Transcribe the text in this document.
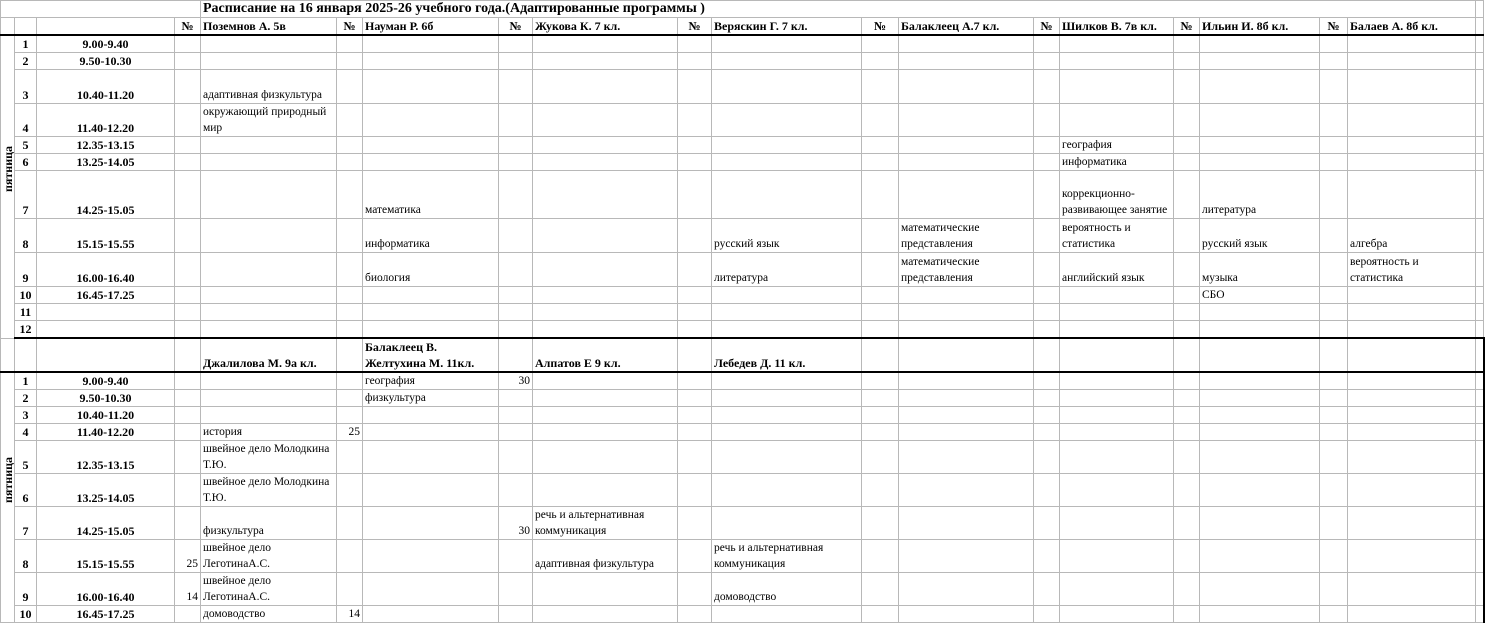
				Расписание на 16 января 2025-26 учебного года.(Адаптированные программы )															
			№	Поземнов А. 5в	№	Науман Р. 6б	№	Жукова К. 7 кл.	№	Веряскин Г. 7 кл.	№	Балаклеец А.7 кл.	№	Шилков В. 7в кл.	№	Ильин И. 8б кл.	№	Балаев А. 8б кл.	

пятница	1	9.00-9.40																	
	2	9.50-10.30																	
	3	10.40-11.20		адаптивная физкультура															
	4	11.40-12.20		окружающий природный мир															
	5	12.35-13.15												география					
	6	13.25-14.05												информатика					
	7	14.25-15.05				математика								коррекционно-развивающее занятие		литература			
	8	15.15-15.55				информатика				русский язык		математические представления		вероятность и статистика		русский язык		алгебра	
	9	16.00-16.40				биология				литература		математические представления		английский язык		музыка		вероятность и статистика	
	10	16.45-17.25														СБО			
	11																		
	12																		
				Джалилова М. 9а кл.		Балаклеец В. Желтухина М. 11кл.		Алпатов Е 9 кл.		Лебедев Д. 11 кл.									

пятница	1	9.00-9.40				география	30												
	2	9.50-10.30				физкультура													
	3	10.40-11.20																	
	4	11.40-12.20		история	25														
	5	12.35-13.15		швейное дело Молодкина Т.Ю.															
	6	13.25-14.05		швейное дело Молодкина Т.Ю.															
	7	14.25-15.05		физкультура			30	речь и альтернативная коммуникация											
	8	15.15-15.55	25	швейное дело ЛеготинаА.С.				адаптивная физкультура		речь и альтернативная коммуникация									
	9	16.00-16.40	14	швейное дело ЛеготинаА.С.						домоводство									
	10	16.45-17.25		домоводство	14														
